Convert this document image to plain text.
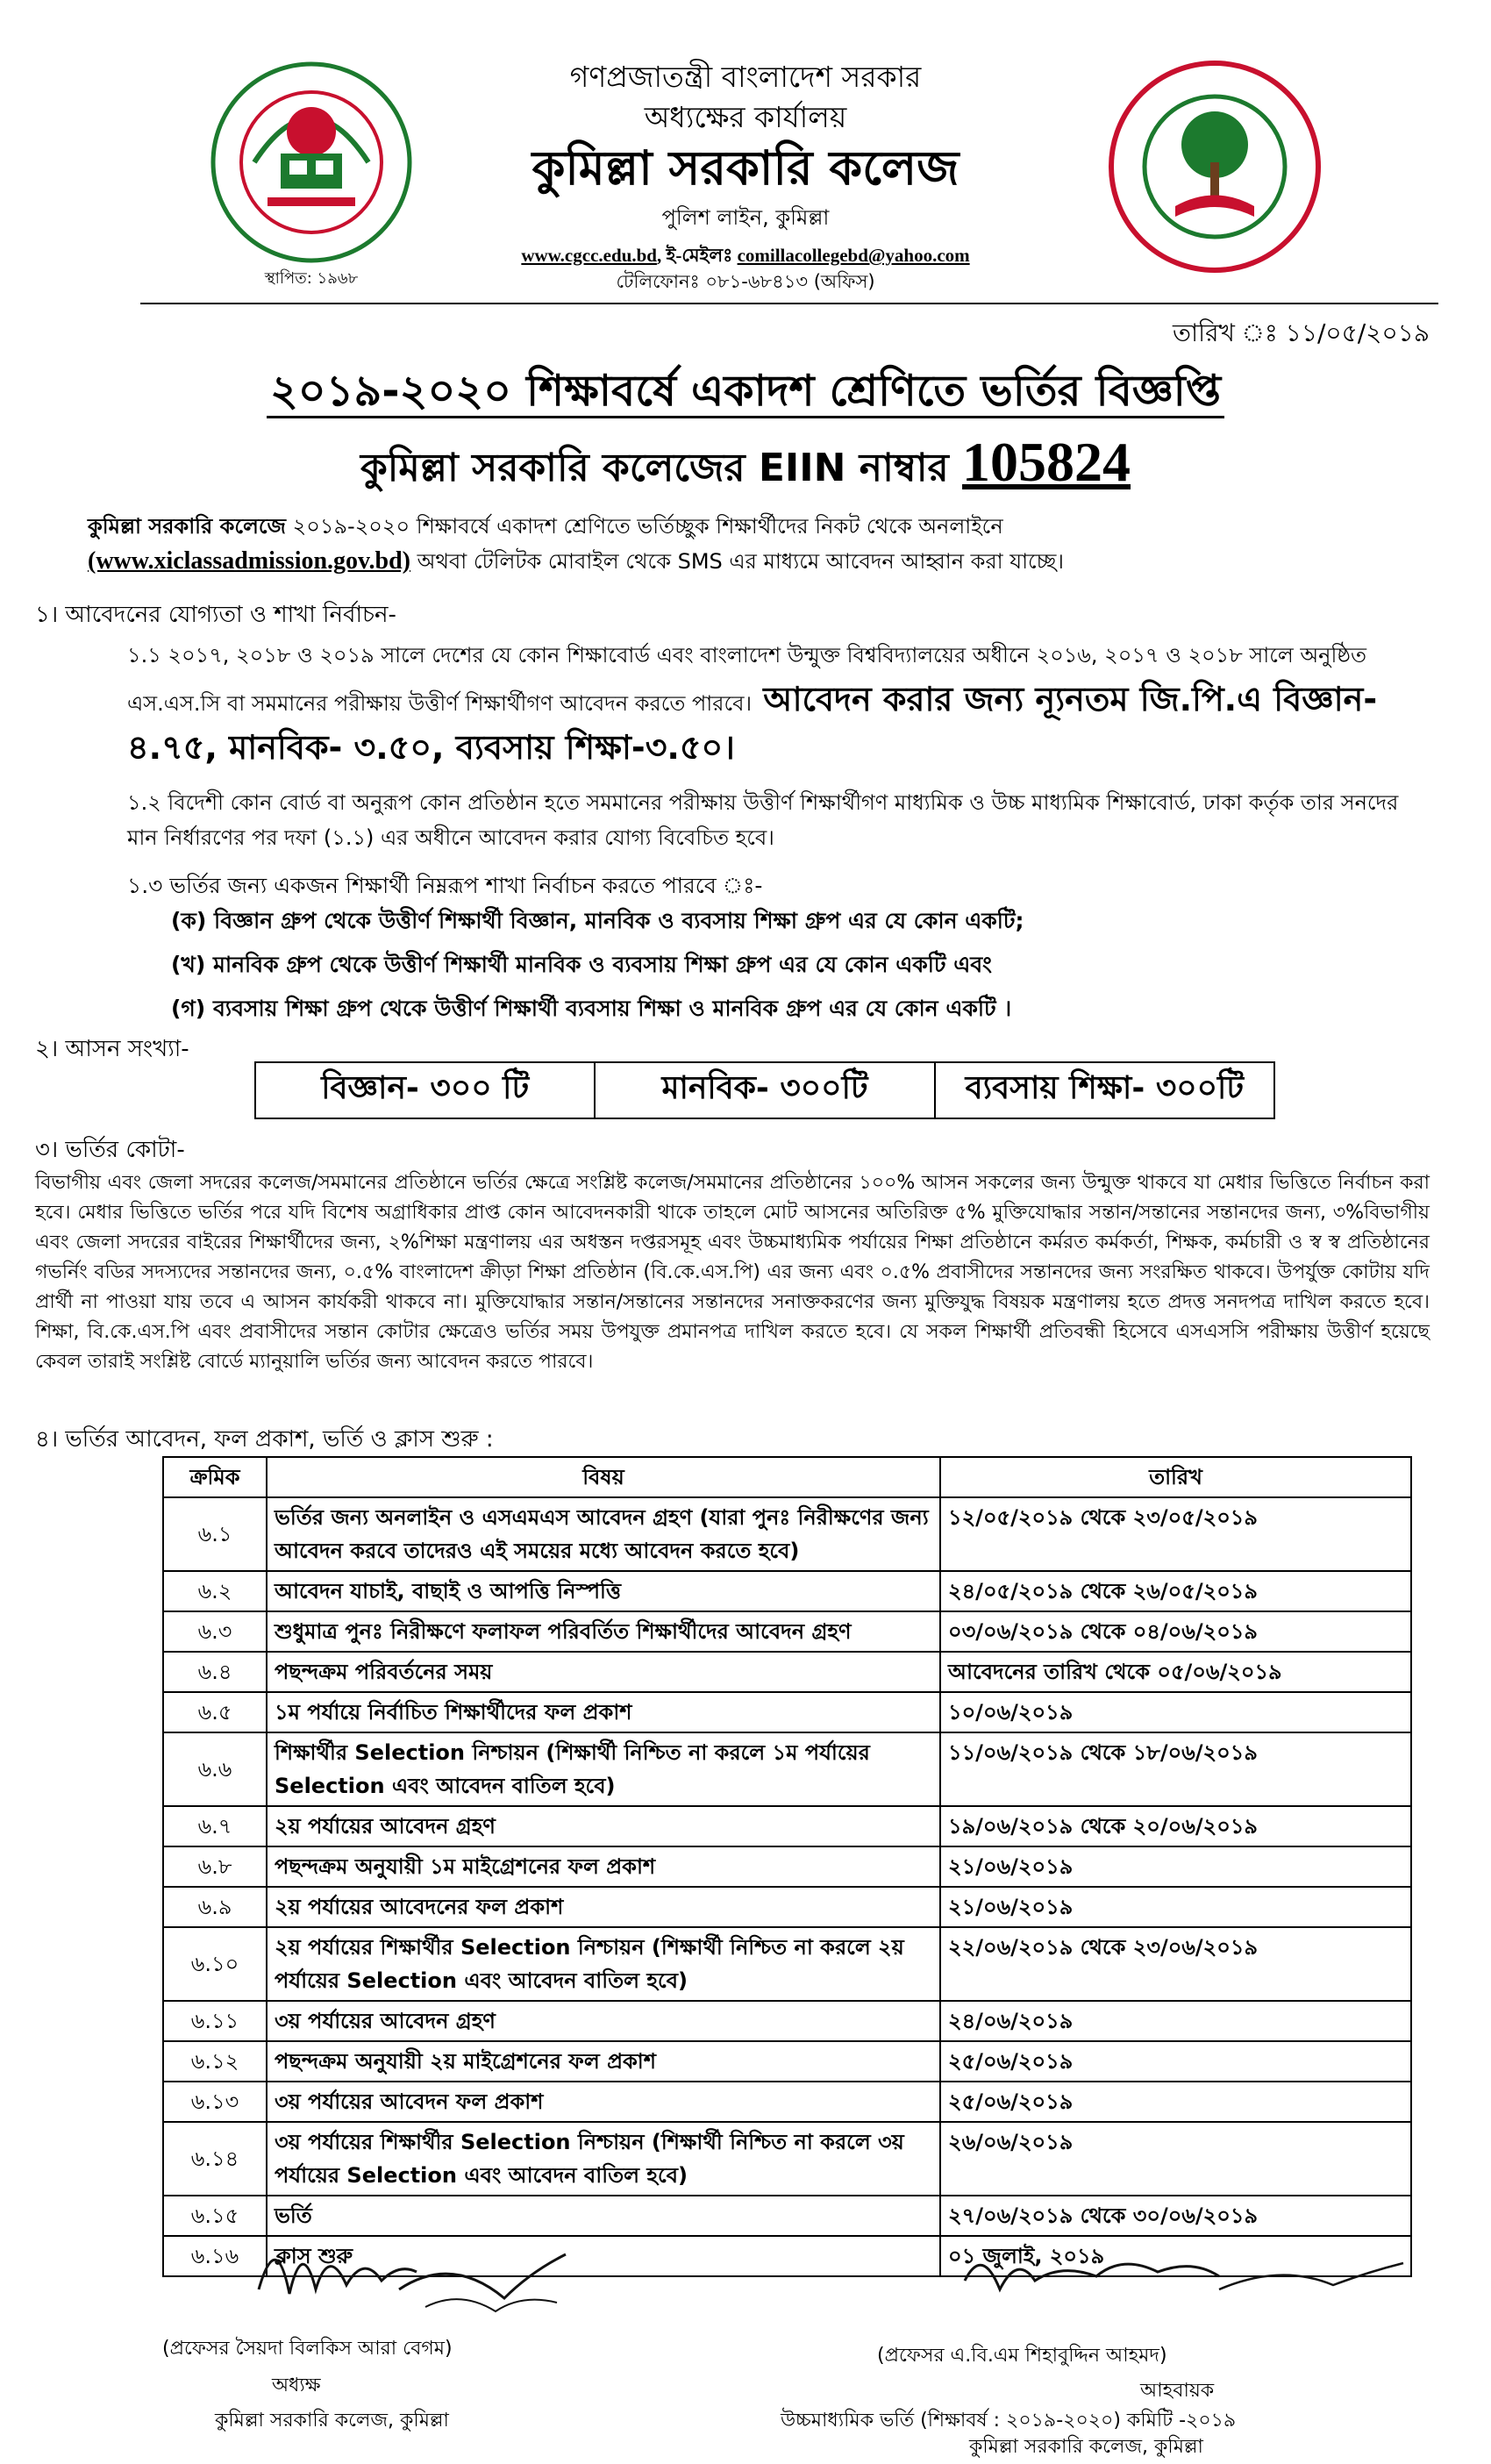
স্থাপিত: ১৯৬৮
গণপ্রজাতন্ত্রী বাংলাদেশ সরকার
অধ্যক্ষের কার্যালয়
কুমিল্লা সরকারি কলেজ
পুলিশ লাইন, কুমিল্লা
www.cgcc.edu.bd, ই-মেইলঃ comillacollegebd@yahoo.com
টেলিফোনঃ ০৮১-৬৮৪১৩ (অফিস)
তারিখ ঃ ১১/০৫/২০১৯
২০১৯-২০২০ শিক্ষাবর্ষে একাদশ শ্রেণিতে ভর্তির বিজ্ঞপ্তি
কুমিল্লা সরকারি কলেজের EIIN নাম্বার 105824
কুমিল্লা সরকারি কলেজে ২০১৯-২০২০ শিক্ষাবর্ষে একাদশ শ্রেণিতে ভর্তিচ্ছুক শিক্ষার্থীদের নিকট থেকে অনলাইনে
(www.xiclassadmission.gov.bd) অথবা টেলিটক মোবাইল থেকে SMS এর মাধ্যমে আবেদন আহ্বান করা যাচ্ছে।
১। আবেদনের যোগ্যতা ও শাখা নির্বাচন-
১.১ ২০১৭, ২০১৮ ও ২০১৯ সালে দেশের যে কোন শিক্ষাবোর্ড এবং বাংলাদেশ উন্মুক্ত বিশ্ববিদ্যালয়ের অধীনে ২০১৬, ২০১৭ ও ২০১৮ সালে অনুষ্ঠিত এস.এস.সি বা সমমানের পরীক্ষায় উত্তীর্ণ শিক্ষার্থীগণ আবেদন করতে পারবে। আবেদন করার জন্য ন্যূনতম জি.পি.এ বিজ্ঞান- ৪.৭৫, মানবিক- ৩.৫০, ব্যবসায় শিক্ষা-৩.৫০।
১.২ বিদেশী কোন বোর্ড বা অনুরূপ কোন প্রতিষ্ঠান হতে সমমানের পরীক্ষায় উত্তীর্ণ শিক্ষার্থীগণ মাধ্যমিক ও উচ্চ মাধ্যমিক শিক্ষাবোর্ড, ঢাকা কর্তৃক তার সনদের মান নির্ধারণের পর দফা (১.১) এর অধীনে আবেদন করার যোগ্য বিবেচিত হবে।
১.৩ ভর্তির জন্য একজন শিক্ষার্থী নিম্নরূপ শাখা নির্বাচন করতে পারবে ঃ-
(ক) বিজ্ঞান গ্রুপ থেকে উত্তীর্ণ শিক্ষার্থী বিজ্ঞান, মানবিক ও ব্যবসায় শিক্ষা গ্রুপ এর যে কোন একটি;
(খ) মানবিক গ্রুপ থেকে উত্তীর্ণ শিক্ষার্থী মানবিক ও ব্যবসায় শিক্ষা গ্রুপ এর যে কোন একটি এবং
(গ) ব্যবসায় শিক্ষা গ্রুপ থেকে উত্তীর্ণ শিক্ষার্থী ব্যবসায় শিক্ষা ও মানবিক গ্রুপ এর যে কোন একটি ।
২। আসন সংখ্যা-
বিজ্ঞান- ৩০০ টি	মানবিক- ৩০০টি	ব্যবসায় শিক্ষা- ৩০০টি
৩। ভর্তির কোটা-
বিভাগীয় এবং জেলা সদরের কলেজ/সমমানের প্রতিষ্ঠানে ভর্তির ক্ষেত্রে সংশ্লিষ্ট কলেজ/সমমানের প্রতিষ্ঠানের ১০০% আসন সকলের জন্য উন্মুক্ত থাকবে যা মেধার ভিত্তিতে নির্বাচন করা হবে। মেধার ভিত্তিতে ভর্তির পরে যদি বিশেষ অগ্রাধিকার প্রাপ্ত কোন আবেদনকারী থাকে তাহলে মোট আসনের অতিরিক্ত ৫% মুক্তিযোদ্ধার সন্তান/সন্তানের সন্তানদের জন্য, ৩%বিভাগীয় এবং জেলা সদরের বাইরের শিক্ষার্থীদের জন্য, ২%শিক্ষা মন্ত্রণালয় এর অধস্তন দপ্তরসমূহ এবং উচ্চমাধ্যমিক পর্যায়ের শিক্ষা প্রতিষ্ঠানে কর্মরত কর্মকর্তা, শিক্ষক, কর্মচারী ও স্ব স্ব প্রতিষ্ঠানের গভর্নিং বডির সদস্যদের সন্তানদের জন্য, ০.৫% বাংলাদেশ ক্রীড়া শিক্ষা প্রতিষ্ঠান (বি.কে.এস.পি) এর জন্য এবং ০.৫% প্রবাসীদের সন্তানদের জন্য সংরক্ষিত থাকবে। উপর্যুক্ত কোটায় যদি প্রার্থী না পাওয়া যায় তবে এ আসন কার্যকরী থাকবে না। মুক্তিযোদ্ধার সন্তান/সন্তানের সন্তানদের সনাক্তকরণের জন্য মুক্তিযুদ্ধ বিষয়ক মন্ত্রণালয় হতে প্রদত্ত সনদপত্র দাখিল করতে হবে। শিক্ষা, বি.কে.এস.পি এবং প্রবাসীদের সন্তান কোটার ক্ষেত্রেও ভর্তির সময় উপযুক্ত প্রমানপত্র দাখিল করতে হবে। যে সকল শিক্ষার্থী প্রতিবন্ধী হিসেবে এসএসসি পরীক্ষায় উত্তীর্ণ হয়েছে কেবল তারাই সংশ্লিষ্ট বোর্ডে ম্যানুয়ালি ভর্তির জন্য আবেদন করতে পারবে।
৪। ভর্তির আবেদন, ফল প্রকাশ, ভর্তি ও ক্লাস শুরু :
ক্রমিক	বিষয়	তারিখ
৬.১	ভর্তির জন্য অনলাইন ও এসএমএস আবেদন গ্রহণ (যারা পুনঃ নিরীক্ষণের জন্য আবেদন করবে তাদেরও এই সময়ের মধ্যে আবেদন করতে হবে)	১২/০৫/২০১৯ থেকে ২৩/০৫/২০১৯
৬.২	আবেদন যাচাই, বাছাই ও আপত্তি নিস্পত্তি	২৪/০৫/২০১৯ থেকে ২৬/০৫/২০১৯
৬.৩	শুধুমাত্র পুনঃ নিরীক্ষণে ফলাফল পরিবর্তিত শিক্ষার্থীদের আবেদন গ্রহণ	০৩/০৬/২০১৯ থেকে ০৪/০৬/২০১৯
৬.৪	পছন্দক্রম পরিবর্তনের সময়	আবেদনের তারিখ থেকে ০৫/০৬/২০১৯
৬.৫	১ম পর্যায়ে নির্বাচিত শিক্ষার্থীদের ফল প্রকাশ	১০/০৬/২০১৯
৬.৬	শিক্ষার্থীর Selection নিশ্চায়ন (শিক্ষার্থী নিশ্চিত না করলে ১ম পর্যায়ের Selection এবং আবেদন বাতিল হবে)	১১/০৬/২০১৯ থেকে ১৮/০৬/২০১৯
৬.৭	২য় পর্যায়ের আবেদন গ্রহণ	১৯/০৬/২০১৯ থেকে ২০/০৬/২০১৯
৬.৮	পছন্দক্রম অনুযায়ী ১ম মাইগ্রেশনের ফল প্রকাশ	২১/০৬/২০১৯
৬.৯	২য় পর্যায়ের আবেদনের ফল প্রকাশ	২১/০৬/২০১৯
৬.১০	২য় পর্যায়ের শিক্ষার্থীর Selection নিশ্চায়ন (শিক্ষার্থী নিশ্চিত না করলে ২য় পর্যায়ের Selection এবং আবেদন বাতিল হবে)	২২/০৬/২০১৯ থেকে ২৩/০৬/২০১৯
৬.১১	৩য় পর্যায়ের আবেদন গ্রহণ	২৪/০৬/২০১৯
৬.১২	পছন্দক্রম অনুযায়ী ২য় মাইগ্রেশনের ফল প্রকাশ	২৫/০৬/২০১৯
৬.১৩	৩য় পর্যায়ের আবেদন ফল প্রকাশ	২৫/০৬/২০১৯
৬.১৪	৩য় পর্যায়ের শিক্ষার্থীর Selection নিশ্চায়ন (শিক্ষার্থী নিশ্চিত না করলে ৩য় পর্যায়ের Selection এবং আবেদন বাতিল হবে)	২৬/০৬/২০১৯
৬.১৫	ভর্তি	২৭/০৬/২০১৯ থেকে ৩০/০৬/২০১৯
৬.১৬	ক্লাস শুরু	০১ জুলাই, ২০১৯
(প্রফেসর সৈয়দা বিলকিস আরা বেগম)
অধ্যক্ষ
কুমিল্লা সরকারি কলেজ, কুমিল্লা
(প্রফেসর এ.বি.এম শিহাবুদ্দিন আহমদ)
আহবায়ক
উচ্চমাধ্যমিক ভর্তি (শিক্ষাবর্ষ : ২০১৯-২০২০) কমিটি -২০১৯
কুমিল্লা সরকারি কলেজ, কুমিল্লা
